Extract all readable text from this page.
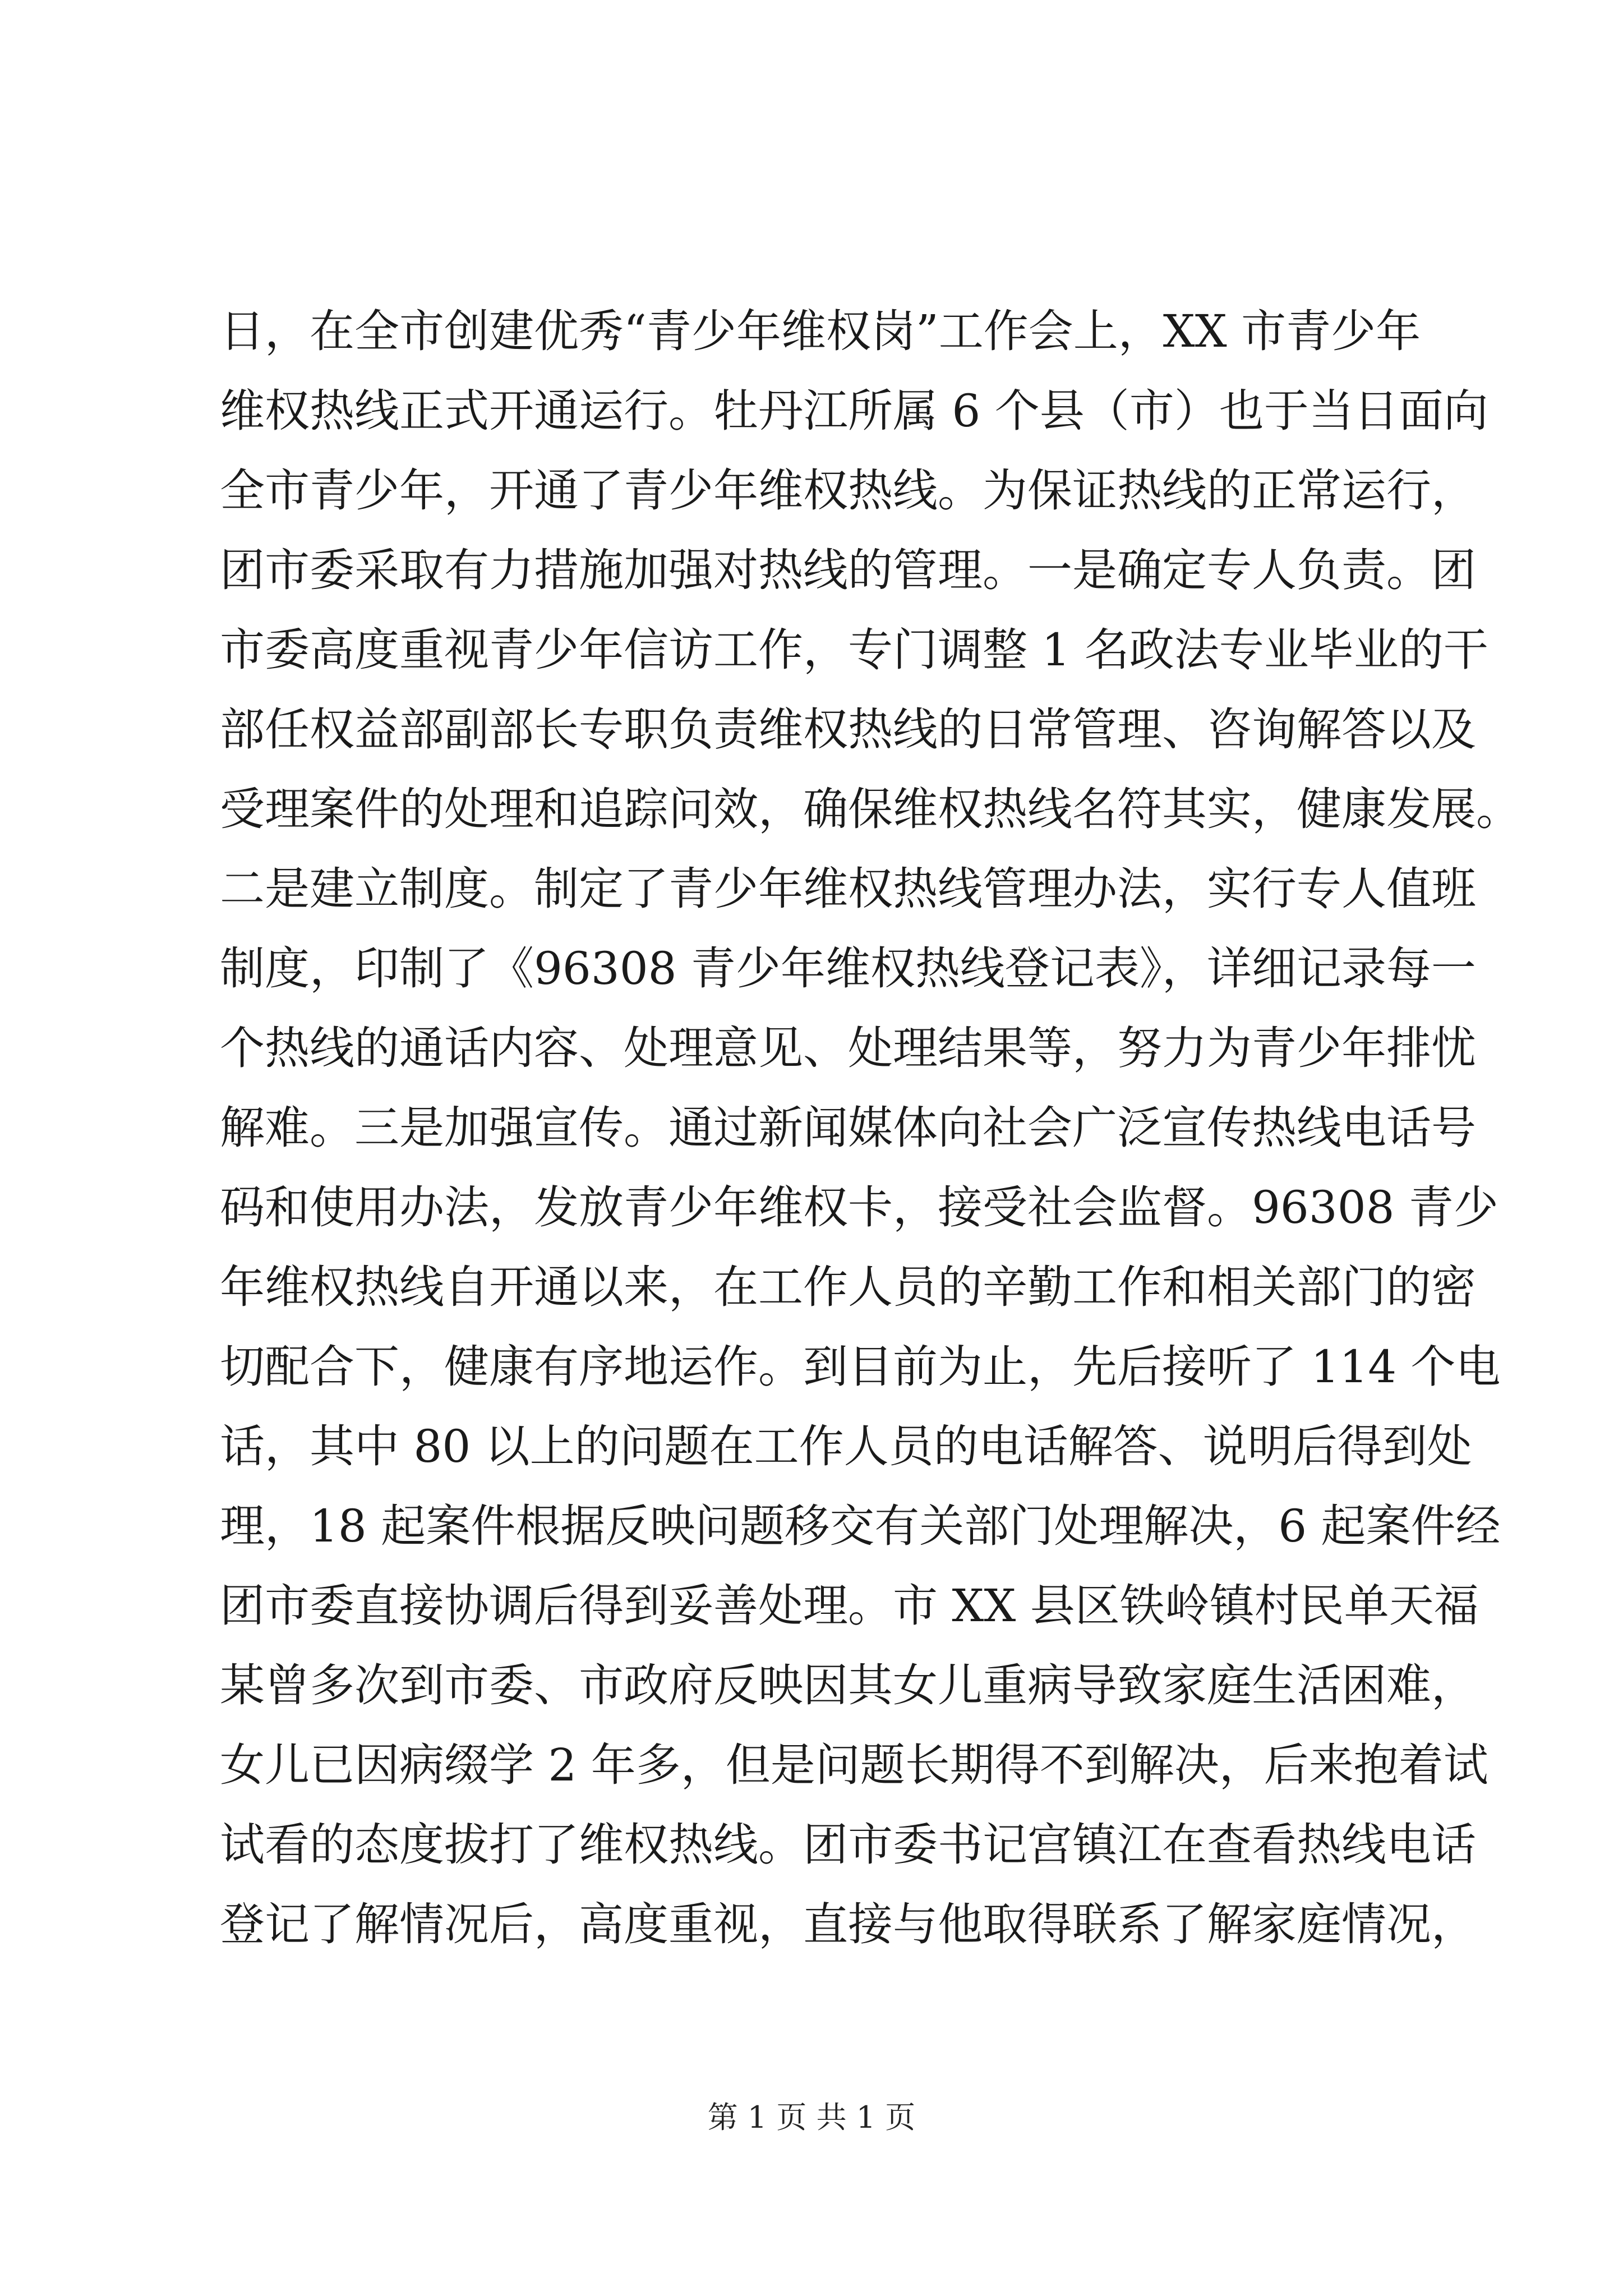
日，在全市创建优秀“青少年维权岗”工作会上，XX 市青少年
维权热线正式开通运行。牡丹江所属 6 个县（市）也于当日面向
全市青少年，开通了青少年维权热线。为保证热线的正常运行，
团市委采取有力措施加强对热线的管理。一是确定专人负责。团
市委高度重视青少年信访工作，专门调整 1 名政法专业毕业的干
部任权益部副部长专职负责维权热线的日常管理、咨询解答以及
受理案件的处理和追踪问效，确保维权热线名符其实，健康发展。
二是建立制度。制定了青少年维权热线管理办法，实行专人值班
制度，印制了《96308 青少年维权热线登记表》，详细记录每一
个热线的通话内容、处理意见、处理结果等，努力为青少年排忧
解难。三是加强宣传。通过新闻媒体向社会广泛宣传热线电话号
码和使用办法，发放青少年维权卡，接受社会监督。96308 青少
年维权热线自开通以来，在工作人员的辛勤工作和相关部门的密
切配合下，健康有序地运作。到目前为止，先后接听了 114 个电
话，其中 80 以上的问题在工作人员的电话解答、说明后得到处
理，18 起案件根据反映问题移交有关部门处理解决，6 起案件经
团市委直接协调后得到妥善处理。市 XX 县区铁岭镇村民单天福
某曾多次到市委、市政府反映因其女儿重病导致家庭生活困难，
女儿已因病缀学 2 年多，但是问题长期得不到解决，后来抱着试
试看的态度拔打了维权热线。团市委书记宫镇江在查看热线电话
登记了解情况后，高度重视，直接与他取得联系了解家庭情况，
第 1 页 共 1 页
